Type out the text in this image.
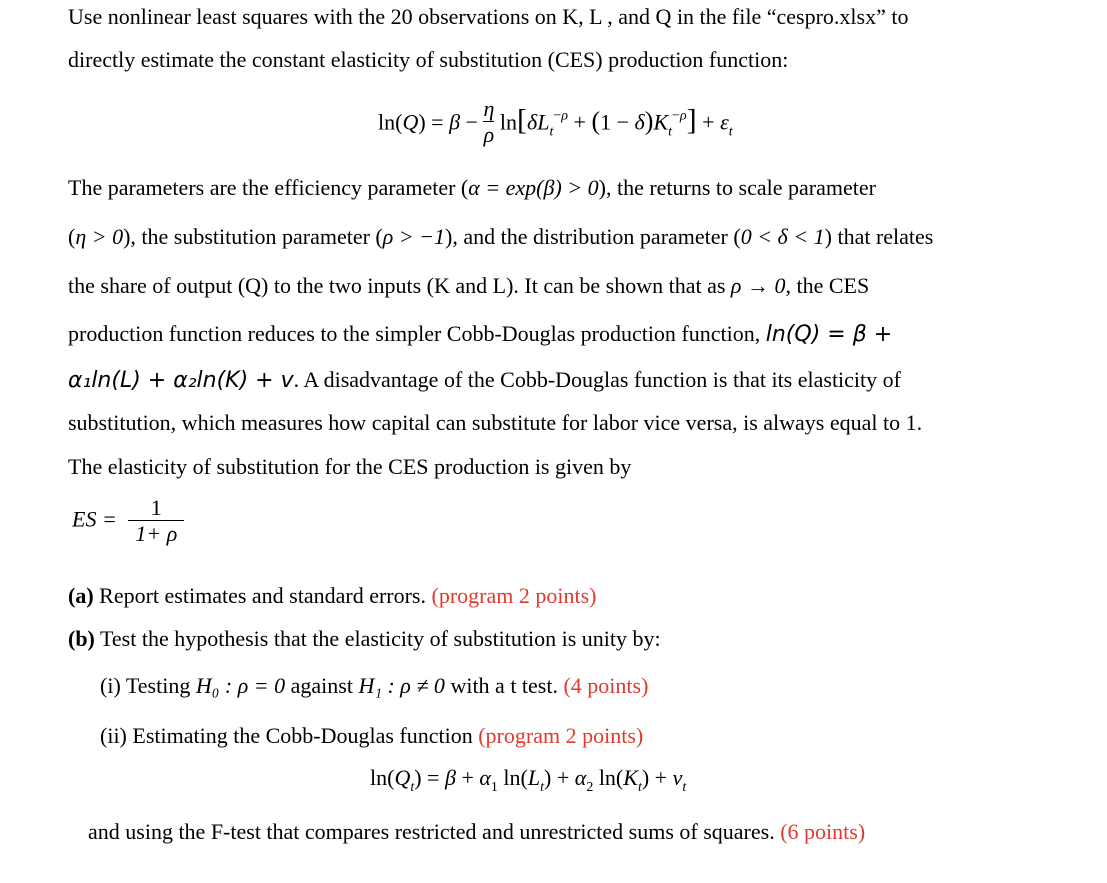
Use nonlinear least squares with the 20 observations on K, L , and Q in the file “cespro.xlsx” to
directly estimate the constant elasticity of substitution (CES) production function:
$\ln(Q) = \beta - \frac{\eta}{\rho} \ln[\delta L_t^{-\rho} + (1 - \delta)K_t^{-\rho}] + \varepsilon_t$
The parameters are the efficiency parameter (α = exp(β) > 0), the returns to scale parameter
(η > 0), the substitution parameter (ρ > −1), and the distribution parameter (0 < δ < 1) that relates
the share of output (Q) to the two inputs (K and L). It can be shown that as ρ → 0, the CES
production function reduces to the simpler Cobb-Douglas production function, ln(Q) = β +
α₁ln(L) + α₂ln(K) + v. A disadvantage of the Cobb-Douglas function is that its elasticity of
substitution, which measures how capital can substitute for labor vice versa, is always equal to 1.
The elasticity of substitution for the CES production is given by
ES = $\frac{1}{1+ \rho}$
(a) Report estimates and standard errors. (program 2 points)
(b) Test the hypothesis that the elasticity of substitution is unity by:
(i) Testing H₀ : ρ = 0 against H₁ : ρ ≠ 0 with a t test. (4 points)
(ii) Estimating the Cobb-Douglas function (program 2 points)
$\ln(Q_t) = \beta + \alpha_1$ $\ln(L_t) + \alpha_2$ $\ln(K_t) + v_t$
and using the F-test that compares restricted and unrestricted sums of squares. (6 points)
